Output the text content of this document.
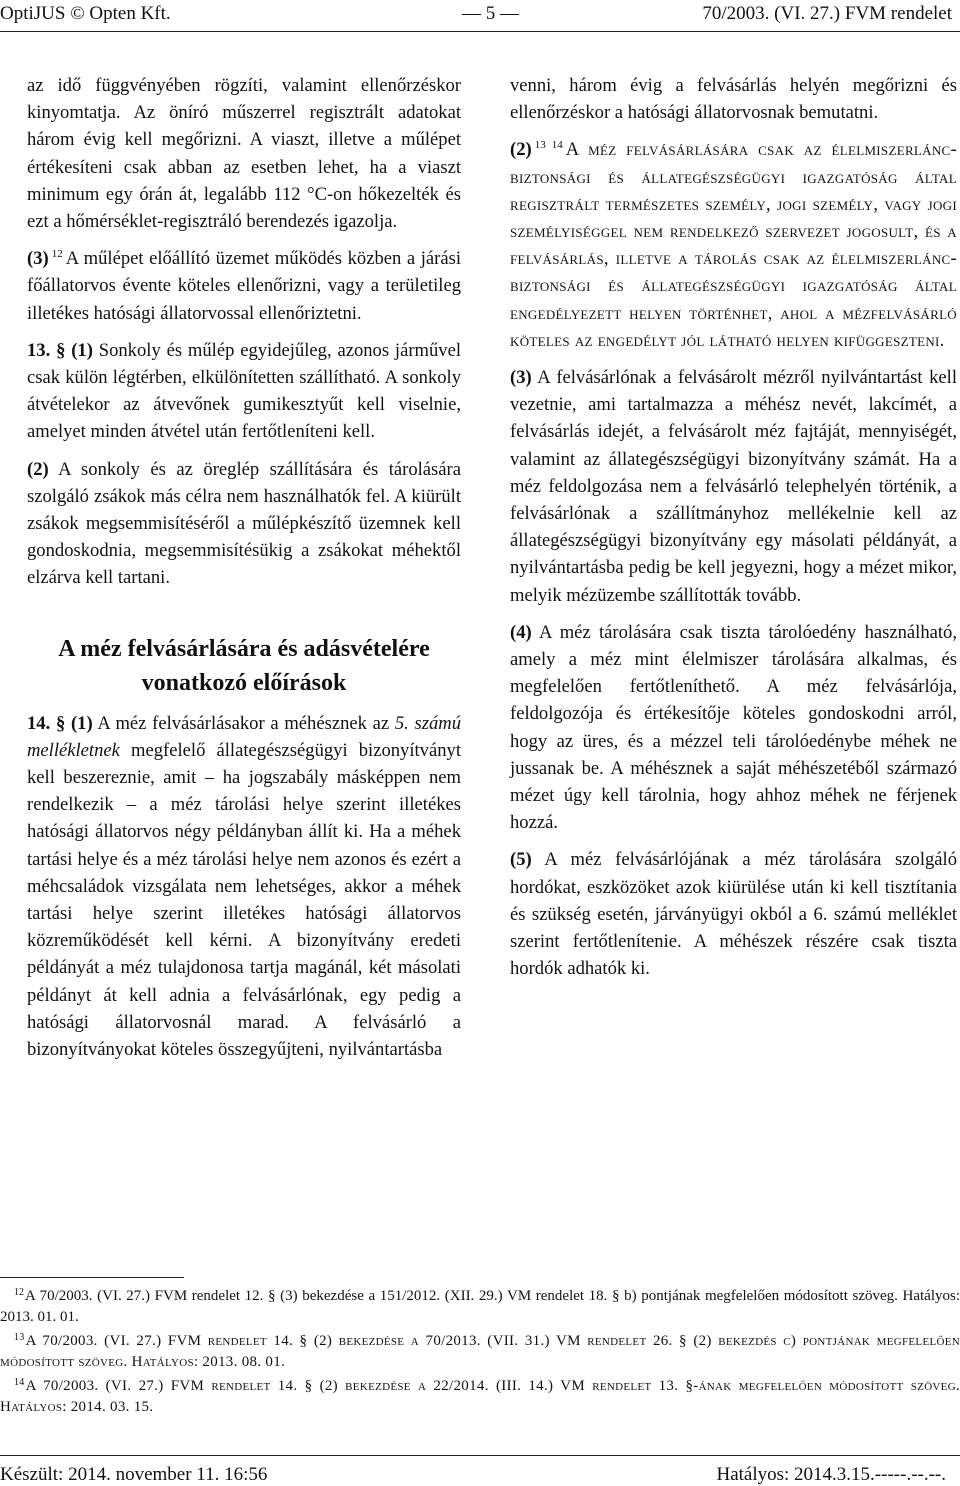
OptiJUS © Opten Kft.	— 5 —	70/2003. (VI. 27.) FVM rendelet

az idő függvényében rögzíti, valamint ellenőrzéskor kinyomtatja. Az öníró műszerrel regisztrált adatokat három évig kell megőrizni. A viaszt, illetve a műlépet értékesíteni csak abban az esetben lehet, ha a viaszt minimum egy órán át, legalább 112 °C-on hőkezelték és ezt a hőmérséklet-regisztráló berendezés igazolja.

(3) $^{12}$ A műlépet előállító üzemet működés közben a járási főállatorvos évente köteles ellenőrizni, vagy a területileg illetékes hatósági állatorvossal ellenőriztetni.

13. § (1) Sonkoly és műlép egyidejűleg, azonos járművel csak külön légtérben, elkülönítetten szállítható. A sonkoly átvételekor az átvevőnek gumikesztyűt kell viselnie, amelyet minden átvétel után fertőtleníteni kell.

(2) A sonkoly és az öreglép szállítására és tárolására szolgáló zsákok más célra nem használhatók fel. A kiürült zsákok megsemmisítéséről a műlépkészítő üzemnek kell gondoskodnia, megsemmisítésükig a zsákokat méhektől elzárva kell tartani.

A méz felvásárlására és adásvételére vonatkozó előírások

14. § (1) A méz felvásárlásakor a méhésznek az 5. számú mellékletnek megfelelő állategészségügyi bizonyítványt kell beszereznie, amit – ha jogszabály másképpen nem rendelkezik – a méz tárolási helye szerint illetékes hatósági állatorvos négy példányban állít ki. Ha a méhek tartási helye és a méz tárolási helye nem azonos és ezért a méhcsaládok vizsgálata nem lehetséges, akkor a méhek tartási helye szerint illetékes hatósági állatorvos közreműködését kell kérni. A bizonyítvány eredeti példányát a méz tulajdonosa tartja magánál, két másolati példányt át kell adnia a felvásárlónak, egy pedig a hatósági állatorvosnál marad. A felvásárló a bizonyítványokat köteles összegyűjteni, nyilvántartásba

venni, három évig a felvásárlás helyén megőrizni és ellenőrzéskor a hatósági állatorvosnak bemutatni.

(2) $^{13}$ $^{14}$ A méz felvásárlására csak az élelmiszerlánc-biztonsági és állategészségügyi igazgatóság által regisztrált természetes személy, jogi személy, vagy jogi személyiséggel nem rendelkező szervezet jogosult, és a felvásárlás, illetve a tárolás csak az élelmiszerlánc-biztonsági és állategészségügyi igazgatóság által engedélyezett helyen történhet, ahol a mézfelvásárló köteles az engedélyt jól látható helyen kifüggeszteni.

(3) A felvásárlónak a felvásárolt mézről nyilvántartást kell vezetnie, ami tartalmazza a méhész nevét, lakcímét, a felvásárlás idejét, a felvásárolt méz fajtáját, mennyiségét, valamint az állategészségügyi bizonyítvány számát. Ha a méz feldolgozása nem a felvásárló telephelyén történik, a felvásárlónak a szállítmányhoz mellékelnie kell az állategészségügyi bizonyítvány egy másolati példányát, a nyilvántartásba pedig be kell jegyezni, hogy a mézet mikor, melyik mézüzembe szállították tovább.

(4) A méz tárolására csak tiszta tárolóedény használható, amely a méz mint élelmiszer tárolására alkalmas, és megfelelően fertőtleníthető. A méz felvásárlója, feldolgozója és értékesítője köteles gondoskodni arról, hogy az üres, és a mézzel teli tárolóedénybe méhek ne jussanak be. A méhésznek a saját méhészetéből származó mézet úgy kell tárolnia, hogy ahhoz méhek ne férjenek hozzá.

(5) A méz felvásárlójának a méz tárolására szolgáló hordókat, eszközöket azok kiürülése után ki kell tisztítania és szükség esetén, járványügyi okból a 6. számú melléklet szerint fertőtlenítenie. A méhészek részére csak tiszta hordók adhatók ki.

$^{12}$A 70/2003. (VI. 27.) FVM rendelet 12. § (3) bekezdése a 151/2012. (XII. 29.) VM rendelet 18. § b) pontjának megfelelően módosított szöveg. Hatályos: 2013. 01. 01.

$^{13}$A 70/2003. (VI. 27.) FVM rendelet 14. § (2) bekezdése a 70/2013. (VII. 31.) VM rendelet 26. § (2) bekezdés c) pontjának megfelelően módosított szöveg. Hatályos: 2013. 08. 01.

$^{14}$A 70/2003. (VI. 27.) FVM rendelet 14. § (2) bekezdése a 22/2014. (III. 14.) VM rendelet 13. §-ának megfelelően módosított szöveg. Hatályos: 2014. 03. 15.

Készült: 2014. november 11. 16:56	Hatályos: 2014.3.15.-----.--.--.
